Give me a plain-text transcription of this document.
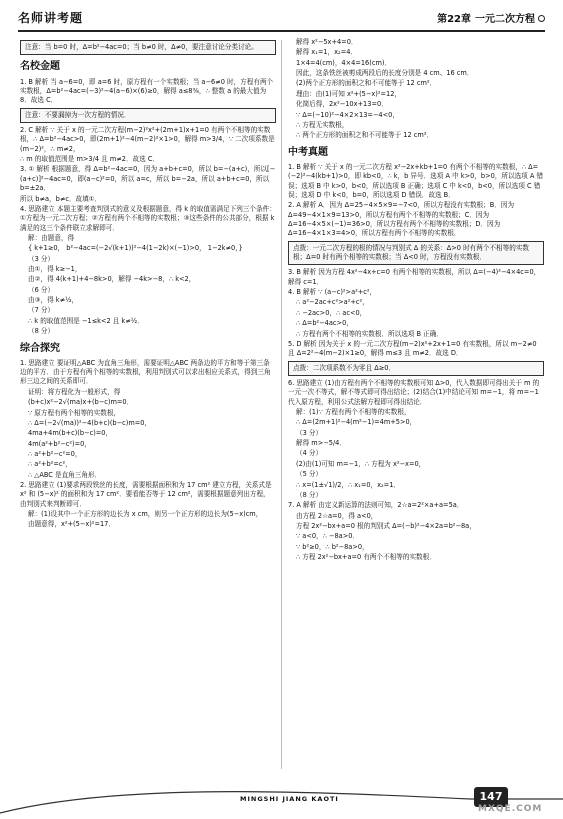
名师讲考题	第22章 一元二次方程
注意：当 b=0 时，Δ=b²−4ac=0；当 b≠0 时，Δ≠0，要注意讨论分类讨论。
名校金题

1. B 解析 当 a−6=0，即 a=6 时，原方程有一个实数根；当 a−6≠0 时，方程有两个实数根，Δ=b²−4ac=(−3)²−4(a−6)×(6)≥0，解得 a≤8⅜，∴ 整数 a 的最大值为 8．故选 C．

注意：不要漏掉为一次方程的情况．

2. C 解析 ∵ 关于 x 的一元二次方程(m−2)²x²+(2m+1)x+1=0 有两个不相等的实数根，∴ Δ=b²−4ac>0，即(2m+1)²−4(m−2)²×1>0，解得 m>3/4，∵ 二次项系数是(m−2)²，∴ m≠2，

∴ m 的取值范围是 m>3/4 且 m≠2．故选 C．

3. ① 解析 根据题意，得 Δ=b²−4ac=0，因为 a+b+c=0，所以 b=−(a+c)，所以[−(a+c)]²−4ac=0，即(a−c)²=0，所以 a=c，所以 b=−2a，所以 a+b+c=0，所以 b=±2a．

所以 b≠a，b≠c．故填①．

4. 思路建立 本题主要考查判别式的意义及根据题意，得 k 的取值需满足下列三个条件：①方程为一元二次方程；②方程有两个不相等的实数根；③这些条件的公共部分，根据 k 满足的这三个条件联立求解即可．

解：由题意，得

{ k+1≥0， b²−4ac=(−2√(k+1))²−4(1−2k)×(−1)>0， 1−2k≠0，}

（3 分）

由①，得 k≥−1，

由②，得 4(k+1)+4−8k>0，解得 −4k>−8，∴ k<2，

（6 分）

由③，得 k≠½，

（7 分）

∴ k 的取值范围是 −1≤k<2 且 k≠½．

（8 分）

综合探究

1. 思路建立 要证明△ABC 为直角三角形，需要证明△ABC 两条边的平方和等于第三条边的平方．由于方程有两个相等的实数根，利用判别式可以求出相应关系式，得到三角形三边之间的关系即可．

证明：将方程化为一般形式，得

(b+c)x²−2√(ma)x+(b−c)m=0．

∵ 原方程有两个相等的实数根，

∴ Δ=(−2√(ma))²−4(b+c)(b−c)m=0，

4ma+4m(b+c)(b−c)=0，

4m(a²+b²−c²)=0，

∴ a²+b²−c²=0，

∴ a²+b²=c²，

∴ △ABC 是直角三角形．

2. 思路建立 (1)要求两段铁丝的长度，需要根据面积和为 17 cm² 建立方程，关系式是 x² 和 (5−x)² 的面积和为 17 cm²．要看能否等于 12 cm²，需要根据题意列出方程，由判别式来判断即可．

解：(1)设其中一个正方形的边长为 x cm，则另一个正方形的边长为(5−x)cm，

由题意得，x²+(5−x)²=17．

解得 x²−5x+4=0．

解得 x₁=1，x₂=4．

1×4=4(cm)，4×4=16(cm)．

因此，这条铁丝被剪成两段后的长度分别是 4 cm、16 cm．

(2)两个正方形的面积之和不可能等于 12 cm²．

理由：由(1)可知 x²+(5−x)²=12，

化简后得，2x²−10x+13=0．

∵ Δ=(−10)²−4×2×13=−4<0，

∴ 方程无实数根，

∴ 两个正方形的面积之和不可能等于 12 cm²．

中考真题

1. B 解析 ∵ 关于 x 的一元二次方程 x²−2x+kb+1=0 有两个不相等的实数根，∴ Δ=(−2)²−4(kb+1)>0，即 kb<0，∴ k，b 异号．选项 A 中 k>0，b>0，所以选项 A 错误；选项 B 中 k>0，b<0，所以选项 B 正确；选项 C 中 k<0，b<0，所以选项 C 错误；选项 D 中 k<0，b=0，所以选项 D 错误．故选 B．

2. A 解析 A．因为 Δ=25−4×5×9=−7<0，所以方程没有实数根；B．因为 Δ=49−4×1×9=13>0，所以方程有两个不相等的实数根；C．因为 Δ=16−4×5×(−1)=36>0，所以方程有两个不相等的实数根；D．因为 Δ=16−4×1×3=4>0，所以方程有两个不相等的实数根．

点拨：一元二次方程的根的情况与判别式 Δ 的关系：Δ>0 时有两个不相等的实数根；Δ=0 时有两个相等的实数根；当 Δ<0 时，方程没有实数根．

3. B 解析 因为方程 4x²−4x+c=0 有两个相等的实数根，所以 Δ=(−4)²−4×4c=0，解得 c=1．

4. B 解析 ∵ (a−c)²>a²+c²，

∴ a²−2ac+c²>a²+c²，

∴ −2ac>0，∴ ac<0，

∴ Δ=b²−4ac>0，

∴ 方程有两个不相等的实数根．所以选项 B 正确．

5. D 解析 因为关于 x 的一元二次方程(m−2)x²+2x+1=0 有实数根，所以 m−2≠0 且 Δ=2²−4(m−2)×1≥0，解得 m≤3 且 m≠2．故选 D．

点拨：二次项系数不为零且 Δ≥0．

6. 思路建立 (1)由方程有两个不相等的实数根可知 Δ>0，代入数据即可得出关于 m 的一元一次不等式，解不等式即可得出结论；(2)结合(1)中结论可知 m=−1，将 m=−1 代入原方程，利用公式法解方程即可得出结论．

解：(1)∵ 方程有两个不相等的实数根，

∴ Δ=(2m+1)²−4(m²−1)=4m+5>0，

（3 分）

解得 m>−5/4．

（4 分）

(2)由(1)可知 m=−1，∴ 方程为 x²−x=0，

（5 分）

∴ x=(1±√1)/2，∴ x₁=0，x₂=1．

（8 分）

7. A 解析 由定义新运算的法则可知，2☆a=2²×a+a=5a．

由方程 2☆a=0，得 a<0，

方程 2x²−bx+a=0 根的判别式 Δ=(−b)²−4×2a=b²−8a，

∵ a<0，∴ −8a>0．

∵ b²≥0，∴ b²−8a>0，

∴ 方程 2x²−bx+a=0 有两个不相等的实数根．

MINGSHI JIANG KAOTI	147
MXQE.COM
